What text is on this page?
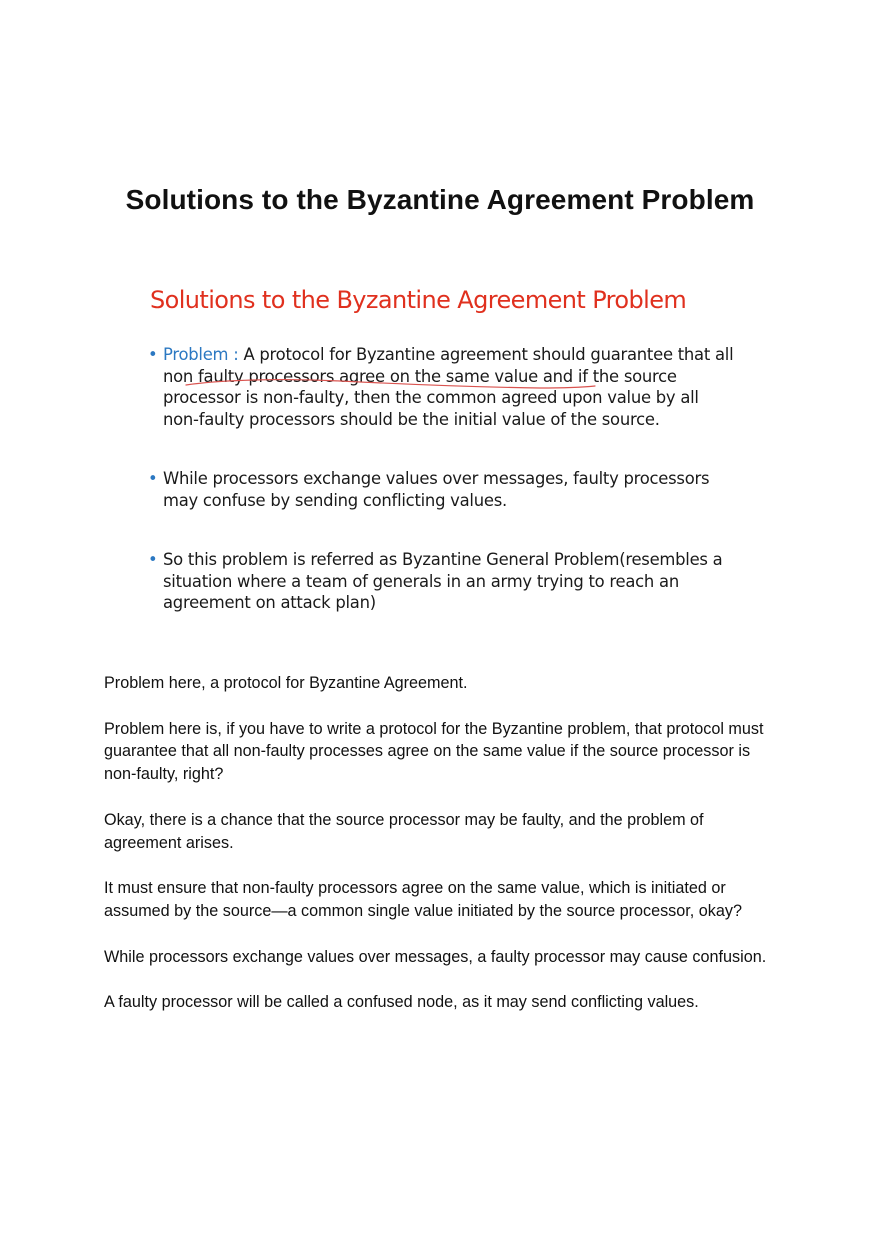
Solutions to the Byzantine Agreement Problem
Solutions to the Byzantine Agreement Problem
• Problem : A protocol for Byzantine agreement should guarantee that all non faulty processors agree on the same value and if the source processor is non-faulty, then the common agreed upon value by all non-faulty processors should be the initial value of the source.
• While processors exchange values over messages, faulty processors may confuse by sending conflicting values.
• So this problem is referred as Byzantine General Problem(resembles a situation where a team of generals in an army trying to reach an agreement on attack plan)

Problem here, a protocol for Byzantine Agreement.

Problem here is, if you have to write a protocol for the Byzantine problem, that protocol must guarantee that all non-faulty processes agree on the same value if the source processor is non-faulty, right?

Okay, there is a chance that the source processor may be faulty, and the problem of agreement arises.

It must ensure that non-faulty processors agree on the same value, which is initiated or assumed by the source—a common single value initiated by the source processor, okay?

While processors exchange values over messages, a faulty processor may cause confusion.

A faulty processor will be called a confused node, as it may send conflicting values.
